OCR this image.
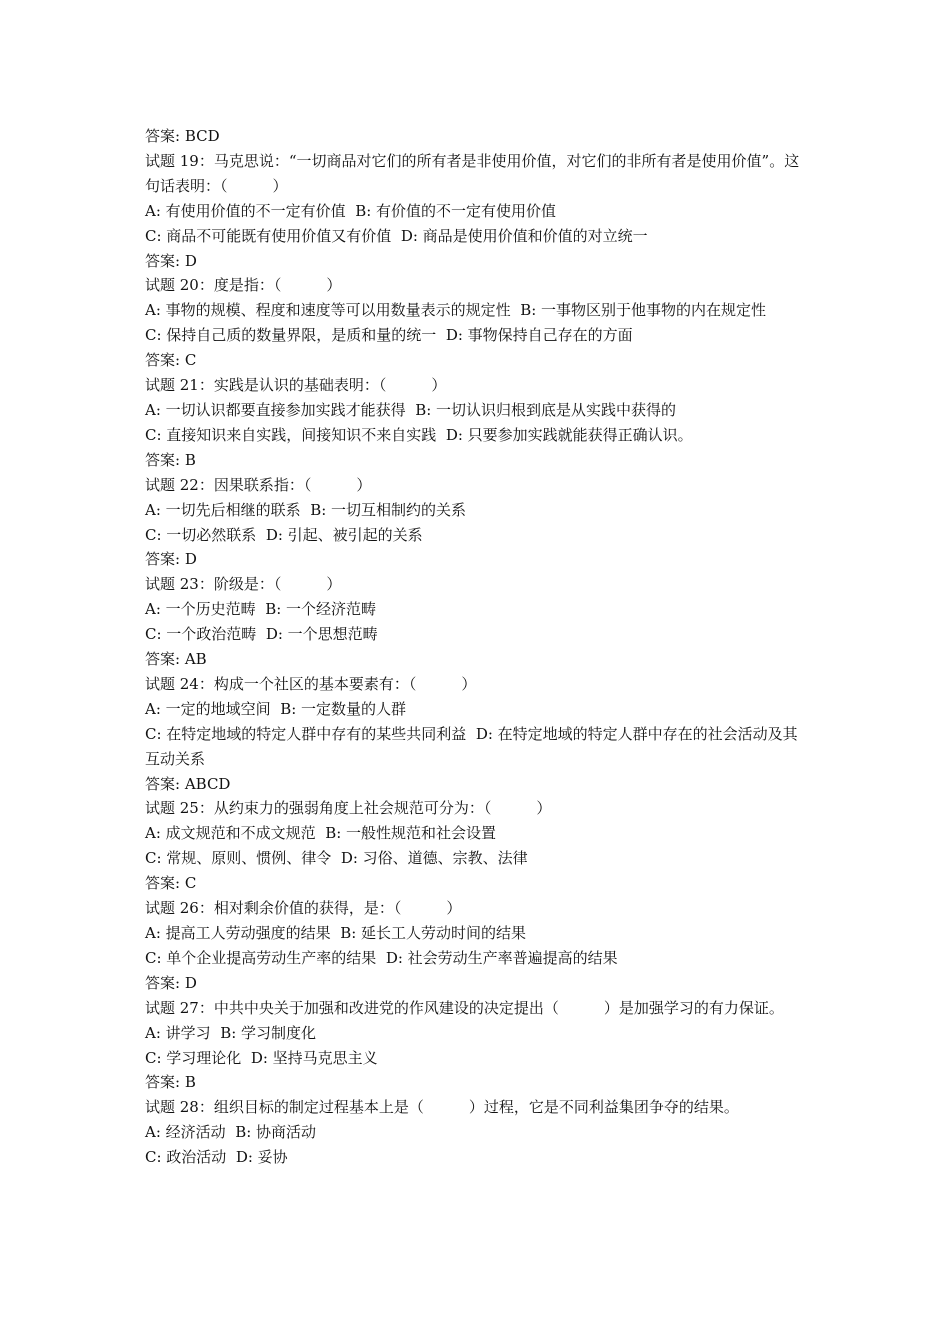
答案: BCD

试题 19：马克思说：“一切商品对它们的所有者是非使用价值，对它们的非所有者是使用价值”。这句话表明：（　　　）

A: 有使用价值的不一定有价值  B: 有价值的不一定有使用价值

C: 商品不可能既有使用价值又有价值  D: 商品是使用价值和价值的对立统一

答案: D

试题 20：度是指：（　　　）

A: 事物的规模、程度和速度等可以用数量表示的规定性  B: 一事物区别于他事物的内在规定性

C: 保持自己质的数量界限，是质和量的统一  D: 事物保持自己存在的方面

答案: C

试题 21：实践是认识的基础表明：（　　　）

A: 一切认识都要直接参加实践才能获得  B: 一切认识归根到底是从实践中获得的

C: 直接知识来自实践，间接知识不来自实践  D: 只要参加实践就能获得正确认识。

答案: B

试题 22：因果联系指：（　　　）

A: 一切先后相继的联系  B: 一切互相制约的关系

C: 一切必然联系  D: 引起、被引起的关系

答案: D

试题 23：阶级是：（　　　）

A: 一个历史范畴  B: 一个经济范畴

C: 一个政治范畴  D: 一个思想范畴

答案: AB

试题 24：构成一个社区的基本要素有：（　　　）

A: 一定的地域空间  B: 一定数量的人群

C: 在特定地域的特定人群中存有的某些共同利益  D: 在特定地域的特定人群中存在的社会活动及其互动关系

答案: ABCD

试题 25：从约束力的强弱角度上社会规范可分为：（　　　）

A: 成文规范和不成文规范  B: 一般性规范和社会设置

C: 常规、原则、惯例、律令  D: 习俗、道德、宗教、法律

答案: C

试题 26：相对剩余价值的获得，是：（　　　）

A: 提高工人劳动强度的结果  B: 延长工人劳动时间的结果

C: 单个企业提高劳动生产率的结果  D: 社会劳动生产率普遍提高的结果

答案: D

试题 27：中共中央关于加强和改进党的作风建设的决定提出（　　　）是加强学习的有力保证。

A: 讲学习  B: 学习制度化

C: 学习理论化  D: 坚持马克思主义

答案: B

试题 28：组织目标的制定过程基本上是（　　　）过程，它是不同利益集团争夺的结果。

A: 经济活动  B: 协商活动

C: 政治活动  D: 妥协
